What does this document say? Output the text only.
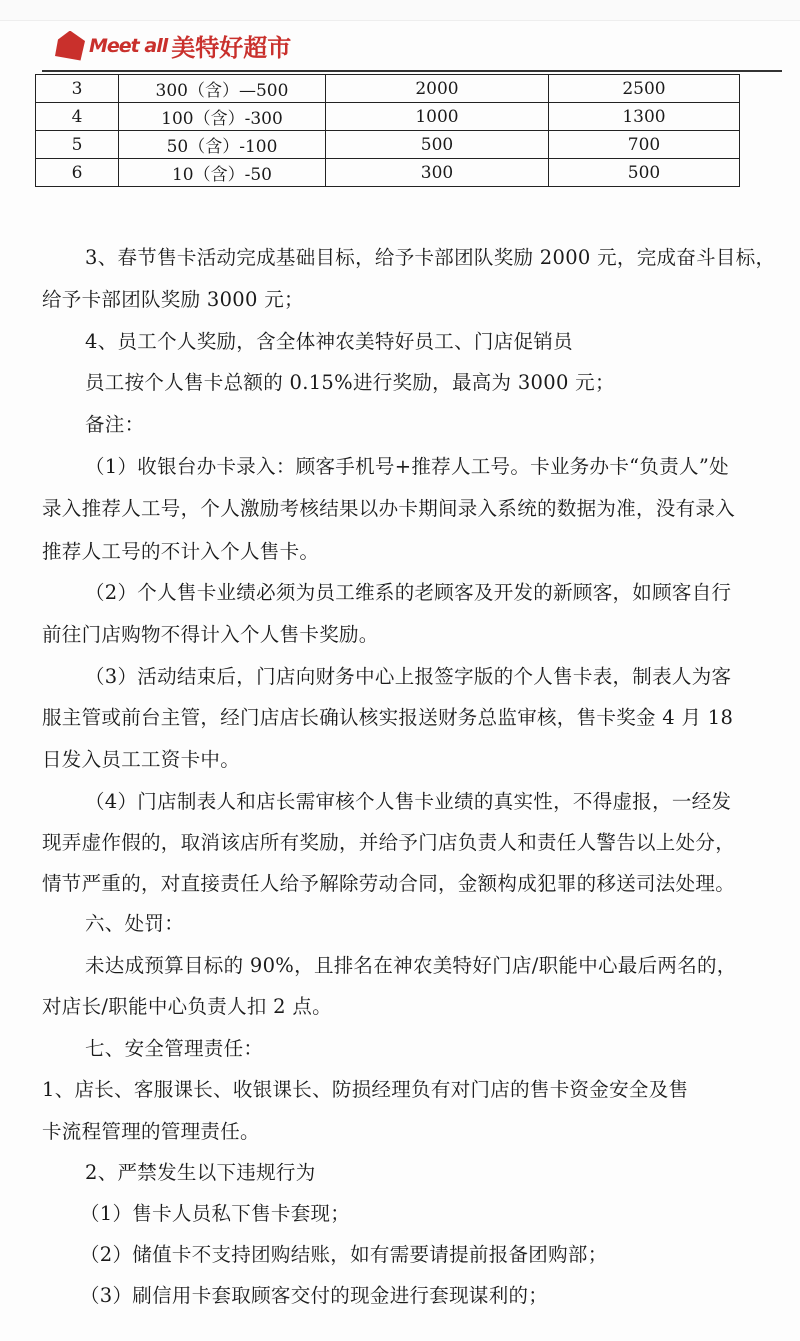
Meet all 美特好超市
3	300（含）—500	2000	2500
4	100（含）-300	1000	1300
5	50（含）-100	500	700
6	10（含）-50	300	500
3、春节售卡活动完成基础目标，给予卡部团队奖励 2000 元，完成奋斗目标，
给予卡部团队奖励 3000 元；
4、员工个人奖励，含全体神农美特好员工、门店促销员
员工按个人售卡总额的 0.15%进行奖励，最高为 3000 元；
备注：
（1）收银台办卡录入：顾客手机号+推荐人工号。卡业务办卡“负责人”处
录入推荐人工号，个人激励考核结果以办卡期间录入系统的数据为准，没有录入
推荐人工号的不计入个人售卡。
（2）个人售卡业绩必须为员工维系的老顾客及开发的新顾客，如顾客自行
前往门店购物不得计入个人售卡奖励。
（3）活动结束后，门店向财务中心上报签字版的个人售卡表，制表人为客
服主管或前台主管，经门店店长确认核实报送财务总监审核，售卡奖金 4 月 18
日发入员工工资卡中。
（4）门店制表人和店长需审核个人售卡业绩的真实性，不得虚报，一经发
现弄虚作假的，取消该店所有奖励，并给予门店负责人和责任人警告以上处分，
情节严重的，对直接责任人给予解除劳动合同，金额构成犯罪的移送司法处理。
六、处罚：
未达成预算目标的 90%，且排名在神农美特好门店/职能中心最后两名的，
对店长/职能中心负责人扣 2 点。
七、安全管理责任：
1、店长、客服课长、收银课长、防损经理负有对门店的售卡资金安全及售
卡流程管理的管理责任。
2、严禁发生以下违规行为
（1）售卡人员私下售卡套现；
（2）储值卡不支持团购结账，如有需要请提前报备团购部；
（3）刷信用卡套取顾客交付的现金进行套现谋利的；
